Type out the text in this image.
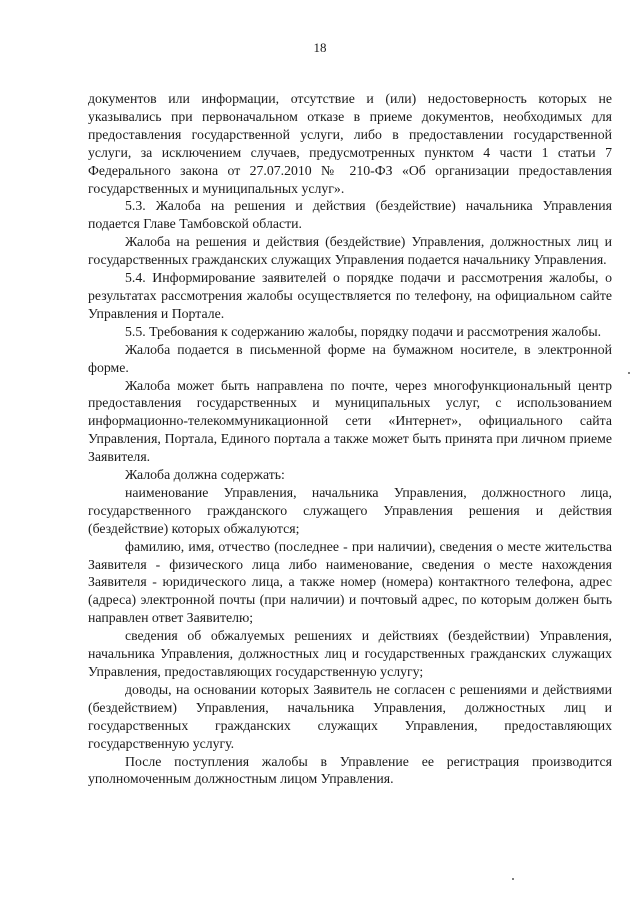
18

документов или информации, отсутствие и (или) недостоверность которых не указывались при первоначальном отказе в приеме документов, необходимых для предоставления государственной услуги, либо в предоставлении государственной услуги, за исключением случаев, предусмотренных пунктом 4 части 1 статьи 7 Федерального закона от 27.07.2010 № 210-ФЗ «Об организации предоставления государственных и муниципальных услуг».

5.3. Жалоба на решения и действия (бездействие) начальника Управления подается Главе Тамбовской области.

Жалоба на решения и действия (бездействие) Управления, должностных лиц и государственных гражданских служащих Управления подается начальнику Управления.

5.4. Информирование заявителей о порядке подачи и рассмотрения жалобы, о результатах рассмотрения жалобы осуществляется по телефону, на официальном сайте Управления и Портале.

5.5. Требования к содержанию жалобы, порядку подачи и рассмотрения жалобы.

Жалоба подается в письменной форме на бумажном носителе, в электронной форме.

Жалоба может быть направлена по почте, через многофункциональный центр предоставления государственных и муниципальных услуг, с использованием информационно-телекоммуникационной сети «Интернет», официального сайта Управления, Портала, Единого портала а также может быть принята при личном приеме Заявителя.

Жалоба должна содержать:

наименование Управления, начальника Управления, должностного лица, государственного гражданского служащего Управления решения и действия (бездействие) которых обжалуются;

фамилию, имя, отчество (последнее - при наличии), сведения о месте жительства Заявителя - физического лица либо наименование, сведения о месте нахождения Заявителя - юридического лица, а также номер (номера) контактного телефона, адрес (адреса) электронной почты (при наличии) и почтовый адрес, по которым должен быть направлен ответ Заявителю;

сведения об обжалуемых решениях и действиях (бездействии) Управления, начальника Управления, должностных лиц и государственных гражданских служащих Управления, предоставляющих государственную услугу;

доводы, на основании которых Заявитель не согласен с решениями и действиями (бездействием) Управления, начальника Управления, должностных лиц и государственных гражданских служащих Управления, предоставляющих государственную услугу.

После поступления жалобы в Управление ее регистрация производится уполномоченным должностным лицом Управления.
